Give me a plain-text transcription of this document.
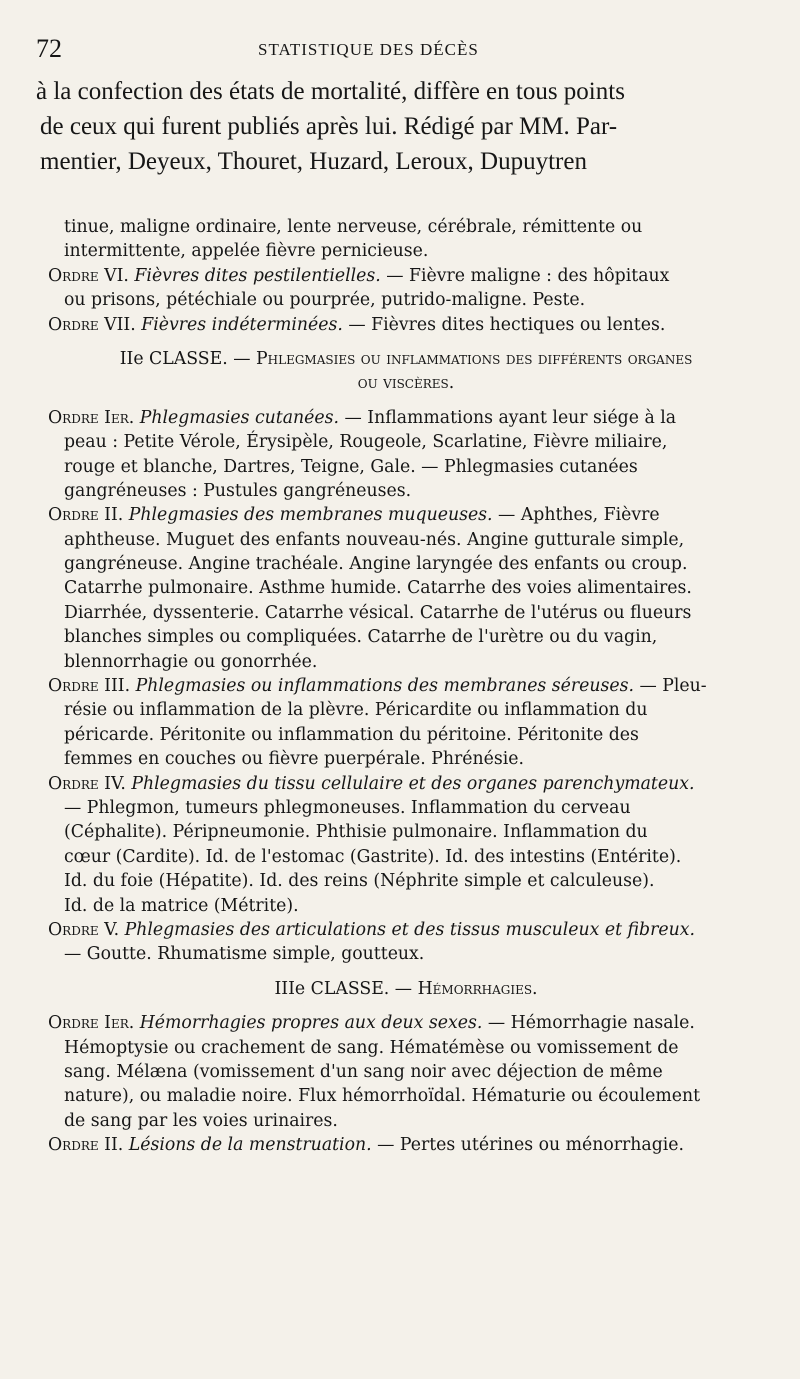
72	STATISTIQUE DES DÉCÈS

à la confection des états de mortalité, diffère en tous points

de ceux qui furent publiés après lui. Rédigé par MM. Par-

mentier, Deyeux, Thouret, Huzard, Leroux, Dupuytren

tinue, maligne ordinaire, lente nerveuse, cérébrale, rémittente ou
intermittente, appelée fièvre pernicieuse.
Ordre VI. Fièvres dites pestilentielles. — Fièvre maligne : des hôpitaux
ou prisons, pétéchiale ou pourprée, putrido-maligne. Peste.
Ordre VII. Fièvres indéterminées. — Fièvres dites hectiques ou lentes.
IIe CLASSE. — Phlegmasies ou inflammations des différents organes
ou viscères.
Ordre Ier. Phlegmasies cutanées. — Inflammations ayant leur siége à la
peau : Petite Vérole, Érysipèle, Rougeole, Scarlatine, Fièvre miliaire,
rouge et blanche, Dartres, Teigne, Gale. — Phlegmasies cutanées
gangréneuses : Pustules gangréneuses.
Ordre II. Phlegmasies des membranes muqueuses. — Aphthes, Fièvre
aphtheuse. Muguet des enfants nouveau-nés. Angine gutturale simple,
gangréneuse. Angine trachéale. Angine laryngée des enfants ou croup.
Catarrhe pulmonaire. Asthme humide. Catarrhe des voies alimentaires.
Diarrhée, dyssenterie. Catarrhe vésical. Catarrhe de l'utérus ou flueurs
blanches simples ou compliquées. Catarrhe de l'urètre ou du vagin,
blennorrhagie ou gonorrhée.
Ordre III. Phlegmasies ou inflammations des membranes séreuses. — Pleu-
résie ou inflammation de la plèvre. Péricardite ou inflammation du
péricarde. Péritonite ou inflammation du péritoine. Péritonite des
femmes en couches ou fièvre puerpérale. Phrénésie.
Ordre IV. Phlegmasies du tissu cellulaire et des organes parenchymateux.
— Phlegmon, tumeurs phlegmoneuses. Inflammation du cerveau
(Céphalite). Péripneumonie. Phthisie pulmonaire. Inflammation du
cœur (Cardite). Id. de l'estomac (Gastrite). Id. des intestins (Entérite).
Id. du foie (Hépatite). Id. des reins (Néphrite simple et calculeuse).
Id. de la matrice (Métrite).
Ordre V. Phlegmasies des articulations et des tissus musculeux et fibreux.
— Goutte. Rhumatisme simple, goutteux.
IIIe CLASSE. — Hémorrhagies.
Ordre Ier. Hémorrhagies propres aux deux sexes. — Hémorrhagie nasale.
Hémoptysie ou crachement de sang. Hématémèse ou vomissement de
sang. Mélæna (vomissement d'un sang noir avec déjection de même
nature), ou maladie noire. Flux hémorrhoïdal. Hématurie ou écoulement
de sang par les voies urinaires.
Ordre II. Lésions de la menstruation. — Pertes utérines ou ménorrhagie.
